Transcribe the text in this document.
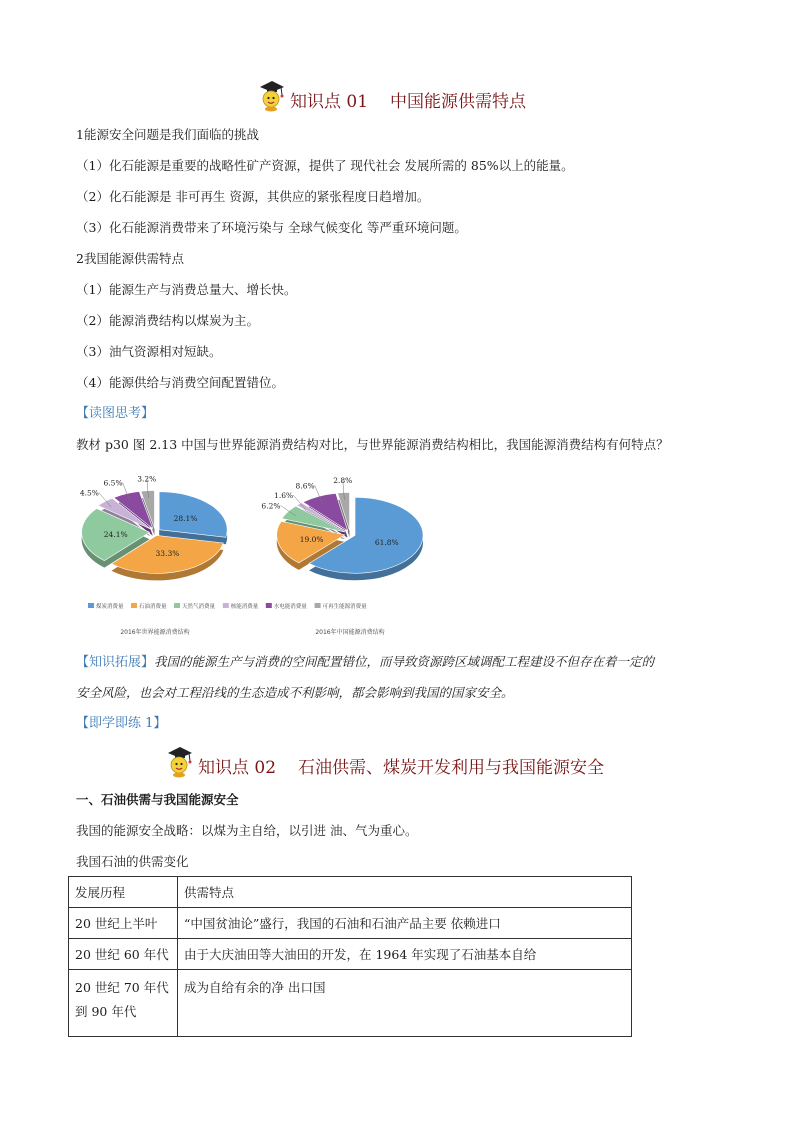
知识点 01 中国能源供需特点
1能源安全问题是我们面临的挑战
（1）化石能源是重要的战略性矿产资源，提供了 现代社会 发展所需的 85%以上的能量。
（2）化石能源是 非可再生 资源，其供应的紧张程度日趋增加。
（3）化石能源消费带来了环境污染与 全球气候变化 等严重环境问题。
2我国能源供需特点
（1）能源生产与消费总量大、增长快。
（2）能源消费结构以煤炭为主。
（3）油气资源相对短缺。
（4）能源供给与消费空间配置错位。
【读图思考】
教材 p30 图 2.13 中国与世界能源消费结构对比，与世界能源消费结构相比，我国能源消费结构有何特点？
28.1%
33.3%
24.1%
4.5%
6.5% 3.2%
2016年世界能源消费结构
61.8%
19.0%
6.2%
1.6%
8.6%
2.8%
2016年中国能源消费结构
煤炭消费量	石油消费量	天然气消费量	核能消费量	水电能消费量	可再生能源消费量
【知识拓展】我国的能源生产与消费的空间配置错位，而导致资源跨区域调配工程建设不但存在着一定的
安全风险，也会对工程沿线的生态造成不利影响，都会影响到我国的国家安全。
【即学即练 1】
知识点 02 石油供需、煤炭开发利用与我国能源安全
一、石油供需与我国能源安全
我国的能源安全战略：以煤为主自给，以引进 油、气为重心。
我国石油的供需变化
发展历程	供需特点
20 世纪上半叶	“中国贫油论”盛行，我国的石油和石油产品主要 依赖进口
20 世纪 60 年代	由于大庆油田等大油田的开发，在 1964 年实现了石油基本自给
20 世纪 70 年代
到 90 年代	成为自给有余的净 出口国
